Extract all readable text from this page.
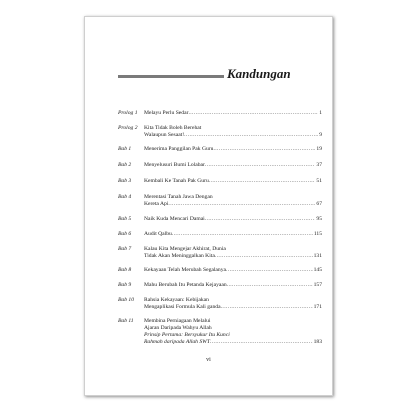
Kandungan
Prolog 1 Melayu Perlu Sedar .....	1
Prolog 2 Kita Tidak Boleh Berehat
Walaupun Sesaat! .....	9
Bab 1 Menerima Panggilan Pak Guru .....	19
Bab 2 Menyelusuri Bumi Lolabar .....	37
Bab 3 Kembali Ke Tanah Pak Guru .....	51
Bab 4 Merentasi Tanah Jawa Dengan
Kereta Api .....	67
Bab 5 Naik Kuda Mencari Damai .....	95
Bab 6 Audit Qalbu .....	115
Bab 7 Kalau Kita Mengejar Akhirat, Dunia
Tidak Akan Meninggalkan Kita .....	131
Bab 8 Kekayaan Telah Merubah Segalanya .....	145
Bab 9 Mahu Berubah Itu Petanda Kejayaan .....	157
Bab 10 Rahsia Kekayaan: Kebijakan
Mengaplikasi Formula Kali ganda .....	171
Bab 11 Membina Perniagaan Melalui
Ajaran Daripada Wahyu Allah
Prinsip Pertama: Bersyukur Itu Kunci
Rahmah daripada Allah SWT .....	183
vi
